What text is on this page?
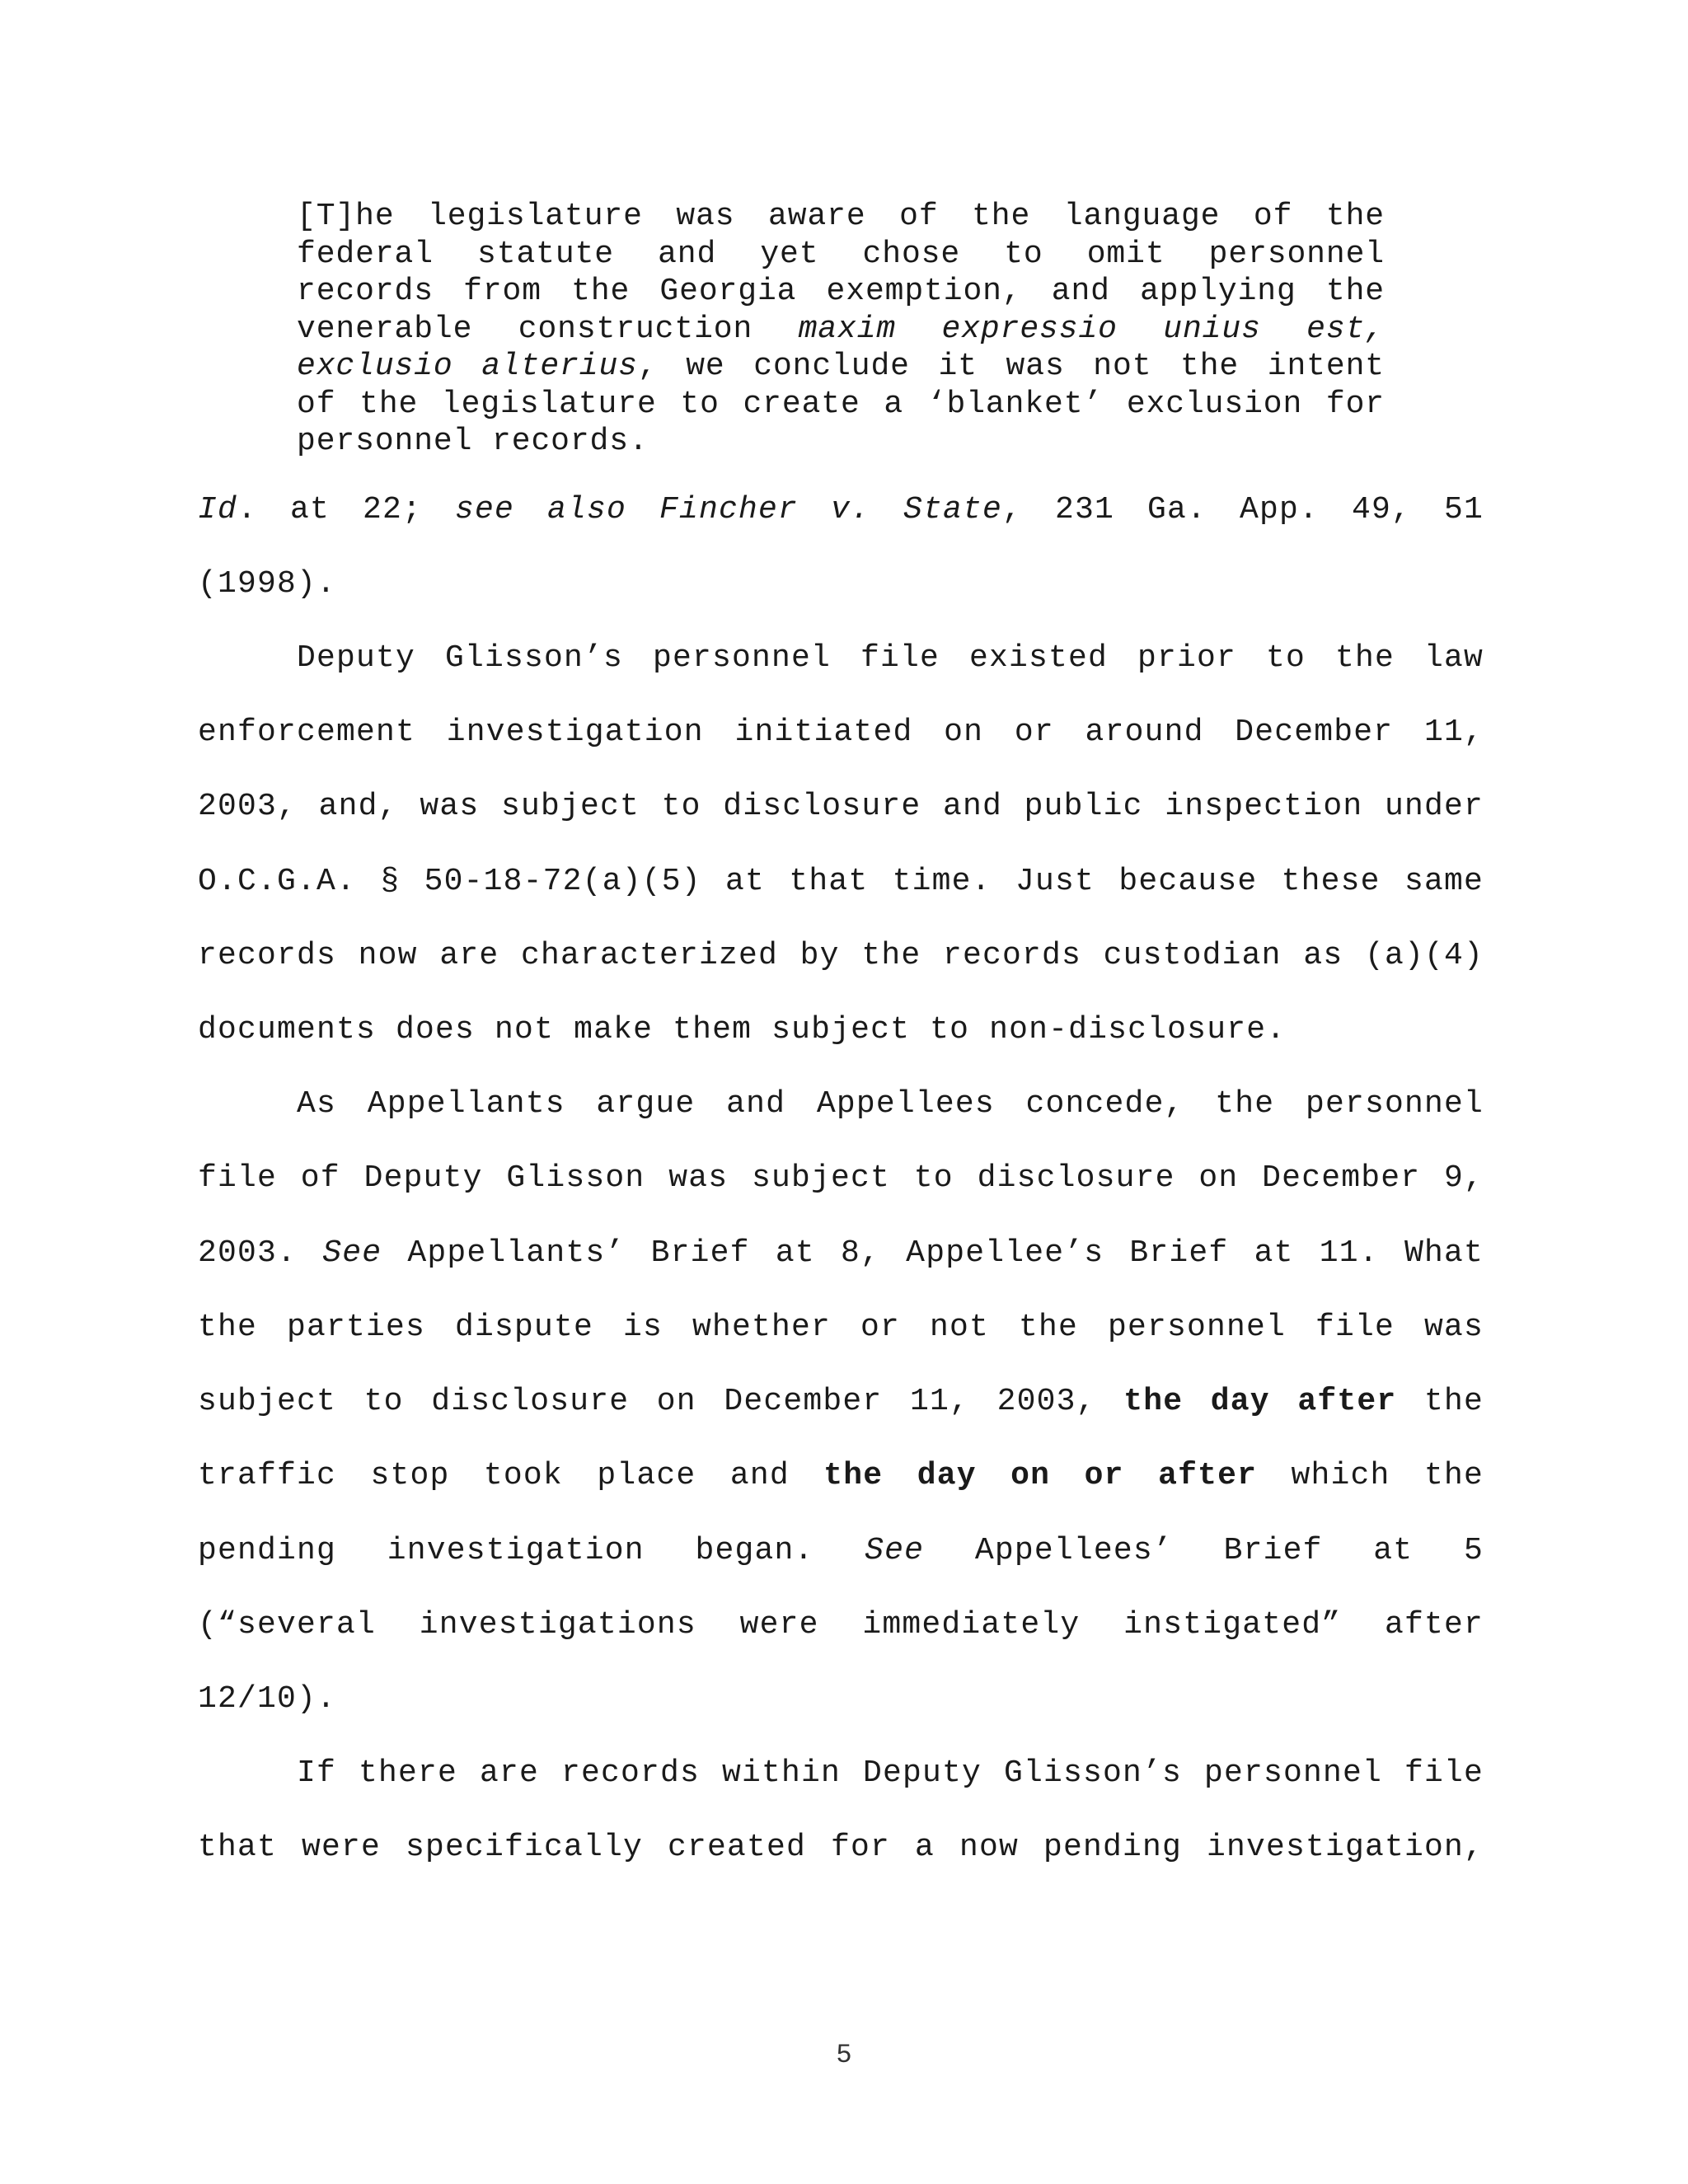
[T]he legislature was aware of the language of the
federal statute and yet chose to omit personnel
records from the Georgia exemption, and applying the
venerable construction maxim expressio unius est,
exclusio alterius, we conclude it was not the intent
of the legislature to create a ‘blanket’ exclusion for
personnel records.
Id. at 22; see also Fincher v. State, 231 Ga. App. 49, 51
(1998).
Deputy Glisson’s personnel file existed prior to the law
enforcement investigation initiated on or around December 11,
2003, and, was subject to disclosure and public inspection under
O.C.G.A. § 50-18-72(a)(5) at that time. Just because these same
records now are characterized by the records custodian as (a)(4)
documents does not make them subject to non-disclosure.
As Appellants argue and Appellees concede, the personnel
file of Deputy Glisson was subject to disclosure on December 9,
2003. See Appellants’ Brief at 8, Appellee’s Brief at 11. What
the parties dispute is whether or not the personnel file was
subject to disclosure on December 11, 2003, the day after the
traffic stop took place and the day on or after which the
pending investigation began. See Appellees’ Brief at 5
(“several investigations were immediately instigated” after
12/10).
If there are records within Deputy Glisson’s personnel file
that were specifically created for a now pending investigation,
5
